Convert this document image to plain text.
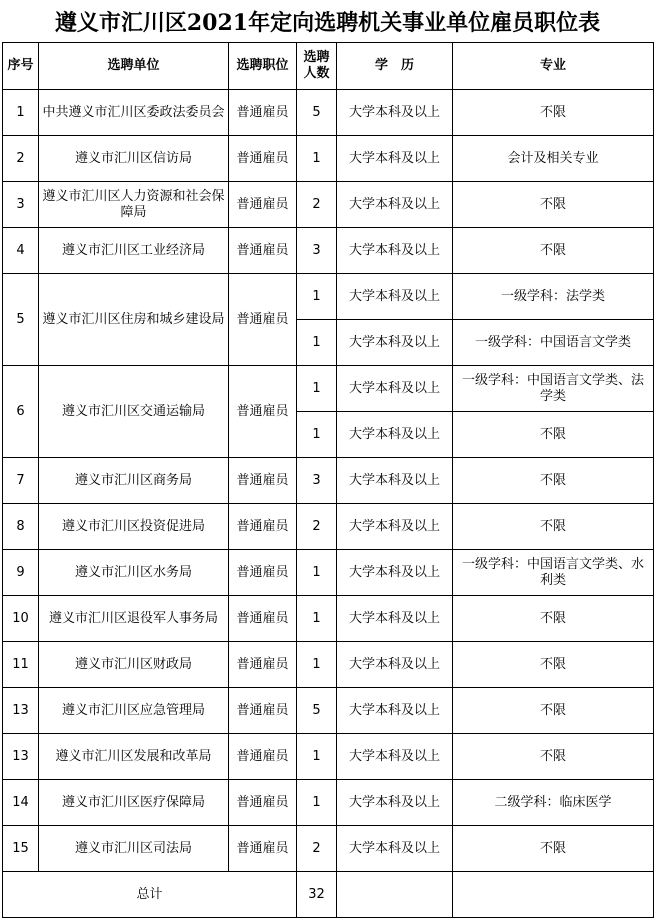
遵义市汇川区2021年定向选聘机关事业单位雇员职位表
序号	选聘单位	选聘职位	选聘人数	学　历	专业
1	中共遵义市汇川区委政法委员会	普通雇员	5	大学本科及以上	不限
2	遵义市汇川区信访局	普通雇员	1	大学本科及以上	会计及相关专业
3	遵义市汇川区人力资源和社会保障局	普通雇员	2	大学本科及以上	不限
4	遵义市汇川区工业经济局	普通雇员	3	大学本科及以上	不限
5	遵义市汇川区住房和城乡建设局	普通雇员	1	大学本科及以上	一级学科：法学类
			1	大学本科及以上	一级学科：中国语言文学类
6	遵义市汇川区交通运输局	普通雇员	1	大学本科及以上	一级学科：中国语言文学类、法学类
			1	大学本科及以上	不限
7	遵义市汇川区商务局	普通雇员	3	大学本科及以上	不限
8	遵义市汇川区投资促进局	普通雇员	2	大学本科及以上	不限
9	遵义市汇川区水务局	普通雇员	1	大学本科及以上	一级学科：中国语言文学类、水利类
10	遵义市汇川区退役军人事务局	普通雇员	1	大学本科及以上	不限
11	遵义市汇川区财政局	普通雇员	1	大学本科及以上	不限
13	遵义市汇川区应急管理局	普通雇员	5	大学本科及以上	不限
13	遵义市汇川区发展和改革局	普通雇员	1	大学本科及以上	不限
14	遵义市汇川区医疗保障局	普通雇员	1	大学本科及以上	二级学科：临床医学
15	遵义市汇川区司法局	普通雇员	2	大学本科及以上	不限
总计			32		
